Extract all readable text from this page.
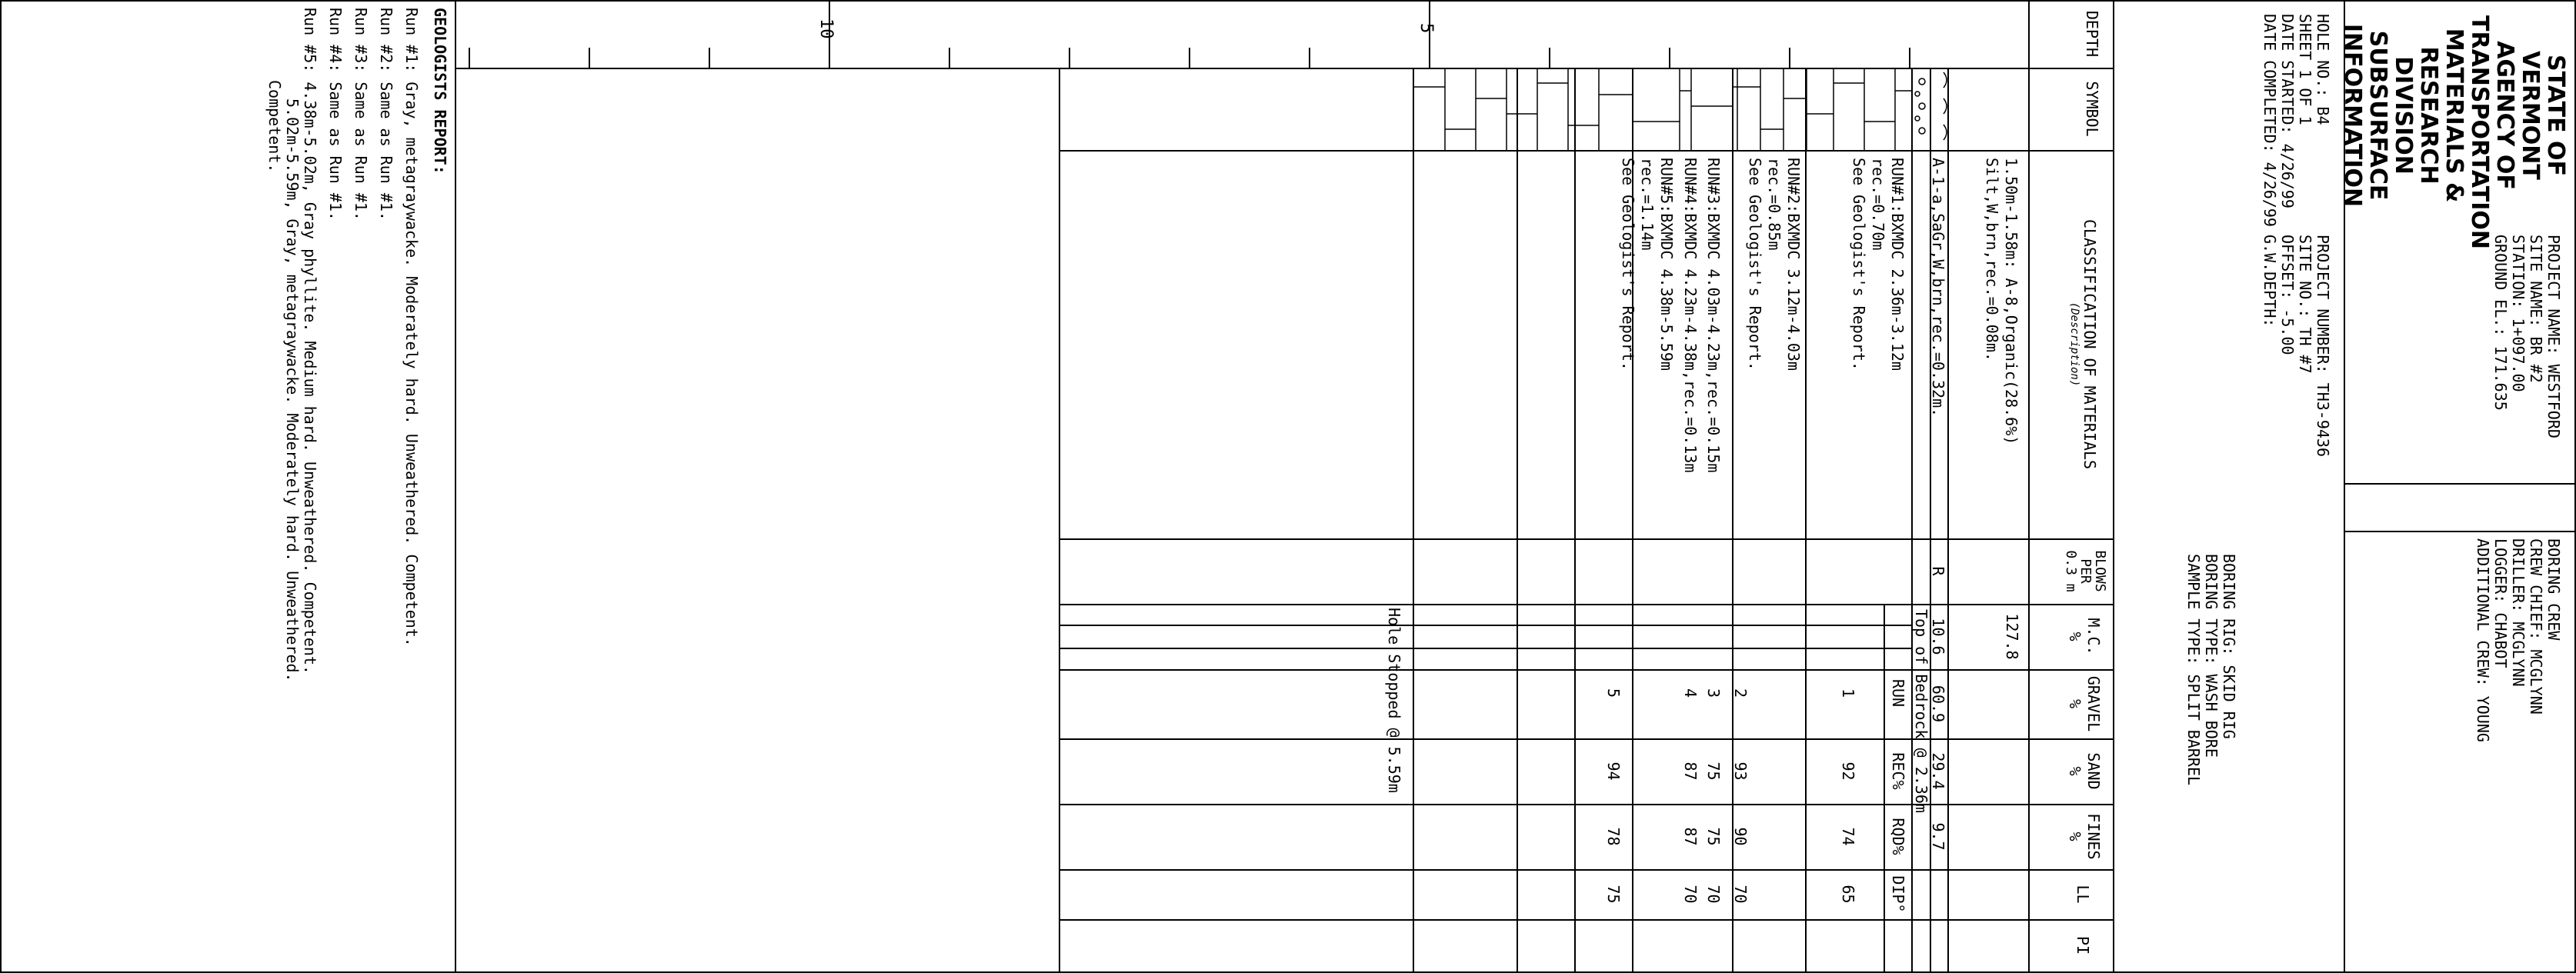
STATE OF VERMONT
AGENCY OF TRANSPORTATION
MATERIALS & RESEARCH DIVISION
SUBSURFACE INFORMATION
HOLE NO.: B4
SHEET 1 OF 1
DATE STARTED: 4/26/99
DATE COMPLETED: 4/26/99
PROJECT NAME: WESTFORD
SITE NAME: BR #2
STATION: 1+097.00
GROUND EL.: 171.635
PROJECT NUMBER: TH3-9436
SITE NO.: TH #7
OFFSET: -5.00
G.W.DEPTH:
BORING CREW
CREW CHIEF: MCGLYNN
DRILLER: MCGLYNN
LOGGER: CHABOT
ADDITIONAL CREW: YOUNG
BORING RIG: SKID RIG
BORING TYPE: WASH BORE
SAMPLE TYPE: SPLIT BARREL
DEPTH
SYMBOL
CLASSIFICATION OF MATERIALS
(Description)
BLOWS
PER
0.3 m
M.C.
%
GRAVEL
%
SAND
%
FINES
%
LL
PI
5
10
1.50m-1.58m: A-8,Organic(28.6%)
Silt,W,brn,rec.=0.08m.
127.8
A-1-a,SaGr,W,brn,rec.=0.32m.
R
10.6
60.9
29.4
9.7
Top of Bedrock @ 2.36m
RUN
REC%
RQD%
DIP°
RUN#1:BXMDC 2.36m-3.12m
rec.=0.70m
See Geologist's Report.
1
92
74
65
RUN#2:BXMDC 3.12m-4.03m
rec.=0.85m
See Geologist's Report.
2
93
90
70
RUN#3:BXMDC 4.03m-4.23m,rec.=0.15m
3
75
75
70
RUN#4:BXMDC 4.23m-4.38m,rec.=0.13m
4
87
87
70
RUN#5:BXMDC 4.38m-5.59m
rec.=1.14m
See Geologist's Report.
5
94
78
75
Hole Stopped @ 5.59m
GEOLOGISTS REPORT:
Run #1: Gray, metagraywacke. Moderately hard. Unweathered. Competent.
Run #2: Same as Run #1.
Run #3: Same as Run #1.
Run #4: Same as Run #1.
Run #5: 4.38m-5.02m, Gray phyllite. Medium hard. Unweathered. Competent.
5.02m-5.59m, Gray, metagraywacke. Moderately hard. Unweathered.
Competent.
